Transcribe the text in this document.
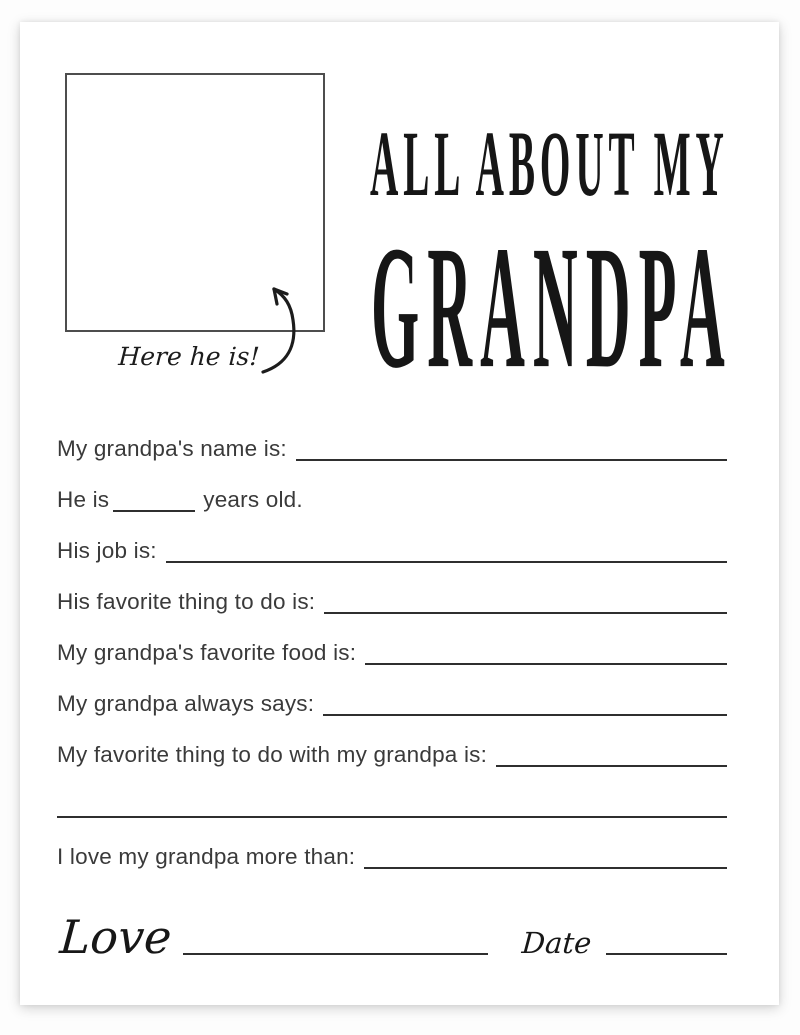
Here he is!
ALL ABOUT MY
GRANDPA
My grandpa's name is:
He is	years old.
His job is:
His favorite thing to do is:
My grandpa's favorite food is:
My grandpa always says:
My favorite thing to do with my grandpa is:
I love my grandpa more than:
Love	Date
